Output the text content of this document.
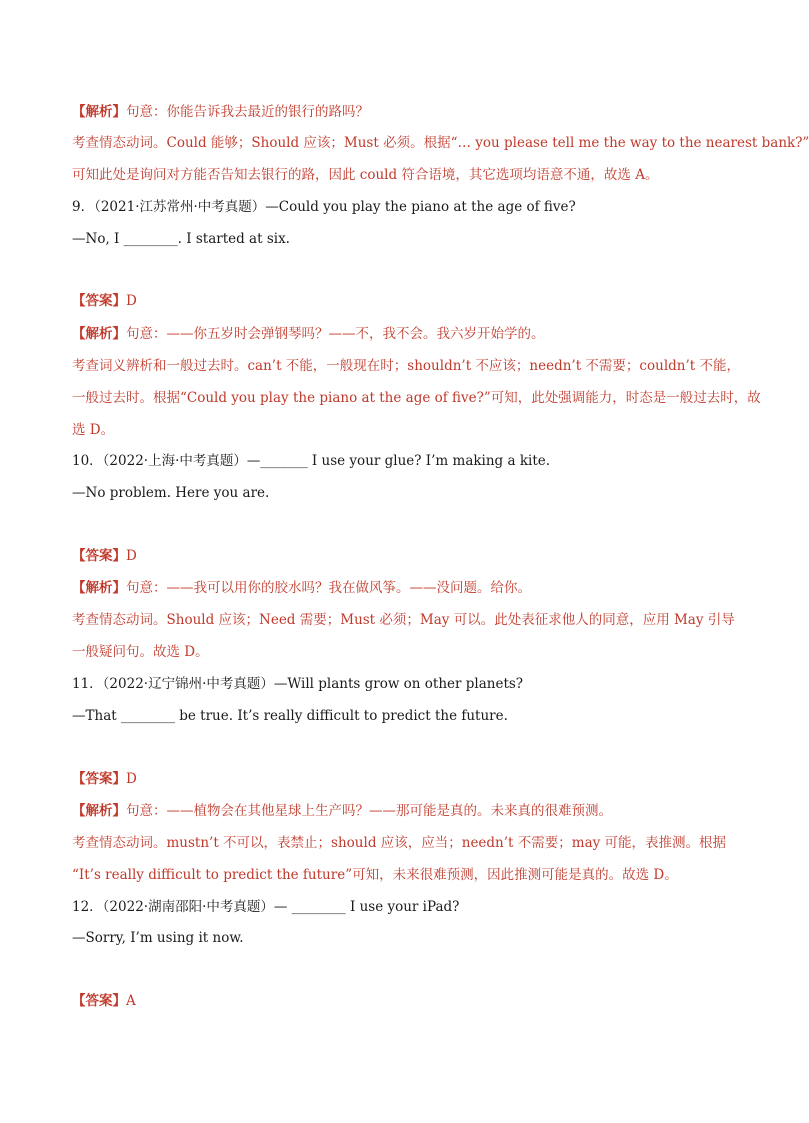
【解析】句意：你能告诉我去最近的银行的路吗？
考查情态动词。Could 能够；Should 应该；Must 必须。根据“… you please tell me the way to the nearest bank?”
可知此处是询问对方能否告知去银行的路，因此 could 符合语境，其它选项均语意不通，故选 A。
9．（2021·江苏常州·中考真题）—Could you play the piano at the age of five?
—No, I ________. I started at six.
【答案】D
【解析】句意：——你五岁时会弹钢琴吗？——不，我不会。我六岁开始学的。
考查词义辨析和一般过去时。can’t 不能，一般现在时；shouldn’t 不应该；needn’t 不需要；couldn’t 不能，
一般过去时。根据“Could you play the piano at the age of five?”可知，此处强调能力，时态是一般过去时，故
选 D。
10．（2022·上海·中考真题）—_______ I use your glue? I’m making a kite.
—No problem. Here you are.
【答案】D
【解析】句意：——我可以用你的胶水吗？我在做风筝。——没问题。给你。
考查情态动词。Should 应该；Need 需要；Must 必须；May 可以。此处表征求他人的同意，应用 May 引导
一般疑问句。故选 D。
11．（2022·辽宁锦州·中考真题）—Will plants grow on other planets?
—That ________ be true. It’s really difficult to predict the future.
【答案】D
【解析】句意：——植物会在其他星球上生产吗？——那可能是真的。未来真的很难预测。
考查情态动词。mustn’t 不可以，表禁止；should 应该，应当；needn’t 不需要；may 可能，表推测。根据
“It’s really difficult to predict the future”可知，未来很难预测，因此推测可能是真的。故选 D。
12．（2022·湖南邵阳·中考真题）— ________ I use your iPad?
—Sorry, I’m using it now.
【答案】A
